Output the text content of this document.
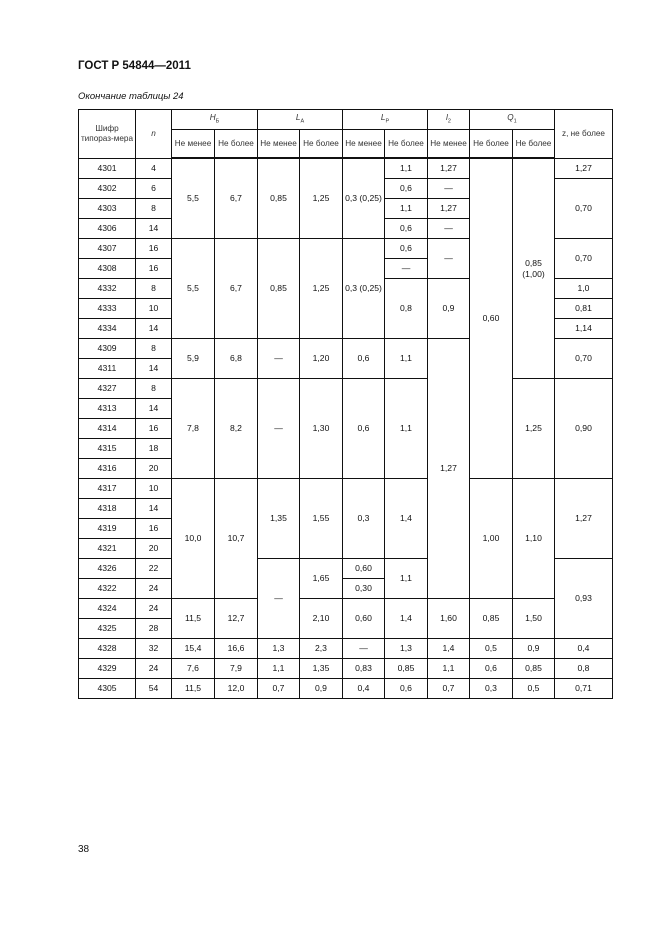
ГОСТ Р 54844—2011
Окончание таблицы 24
Шифр типораз-мера	n	$H_Б$		$L_А$		$L_Р$		$l_2$	$Q_1$		z, не более
		Не менее	Не более	Не менее	Не более	Не менее	Не более	Не менее	Не более	Не более	
4301	4	5,5	6,7	0,85	1,25	0,3 (0,25)	1,1	1,27	0,60	0,85 (1,00)	1,27
4302	6						0,6	—			0,70
4303	8						1,1	1,27			
4306	14						0,6	—			
4307	16	5,5	6,7	0,85	1,25	0,3 (0,25)	0,6	—			0,70
4308	16						—				
4332	8						0,8	0,9			1,0
4333	10										0,81
4334	14										1,14
4309	8	5,9	6,8	—	1,20	0,6	1,1	1,27			0,70
4311	14										
4327	8	7,8	8,2	—	1,30	0,6	1,1			1,25	0,90
4313	14										
4314	16										
4315	18										
4316	20										
4317	10	10,0	10,7	1,35	1,55	0,3	1,4		1,00	1,10	1,27
4318	14										
4319	16										
4321	20										
4326	22			—	1,65	0,60	1,1				0,93
4322	24					0,30					
4324	24	11,5	12,7		2,10	0,60	1,4	1,60	0,85	1,50	
4325	28										
4328	32	15,4	16,6	1,3	2,3	—	1,3	1,4	0,5	0,9	0,4
4329	24	7,6	7,9	1,1	1,35	0,83	0,85	1,1	0,6	0,85	0,8
4305	54	11,5	12,0	0,7	0,9	0,4	0,6	0,7	0,3	0,5	0,71
38
